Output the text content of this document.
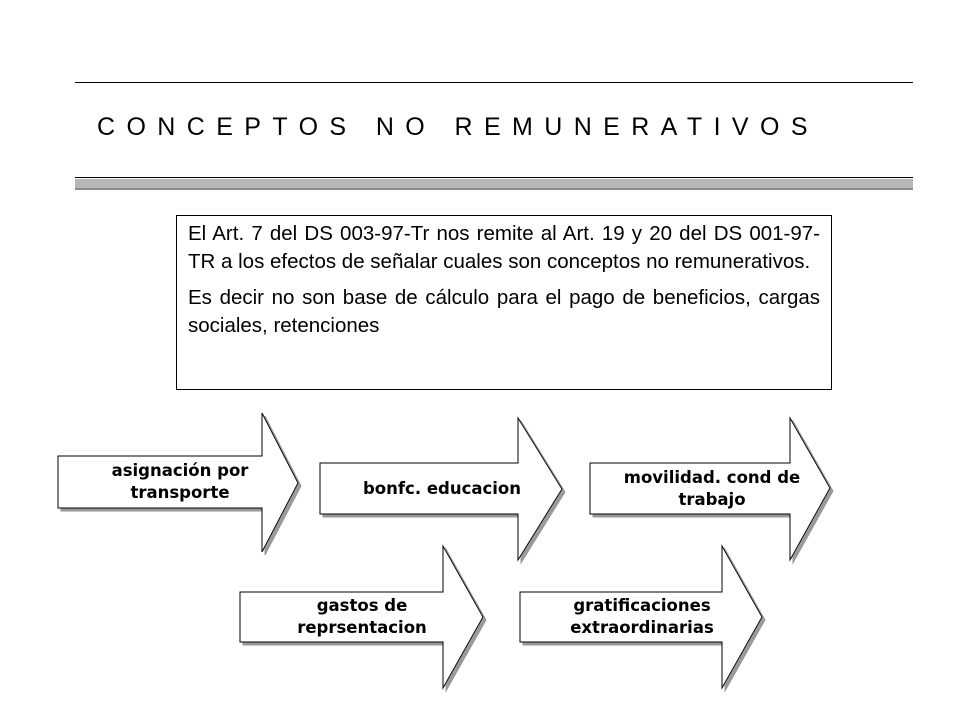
CONCEPTOS NO REMUNERATIVOS

El Art. 7 del DS 003-97-Tr nos remite al Art. 19 y 20 del DS 001-97-TR a los efectos de señalar cuales son conceptos no remunerativos.

Es decir no son base de cálculo para el pago de beneficios, cargas sociales, retenciones

asignación por
transporte	bonfc. educacion
movilidad. cond de
trabajo
gastos de
reprsentacion
gratificaciones
extraordinarias
